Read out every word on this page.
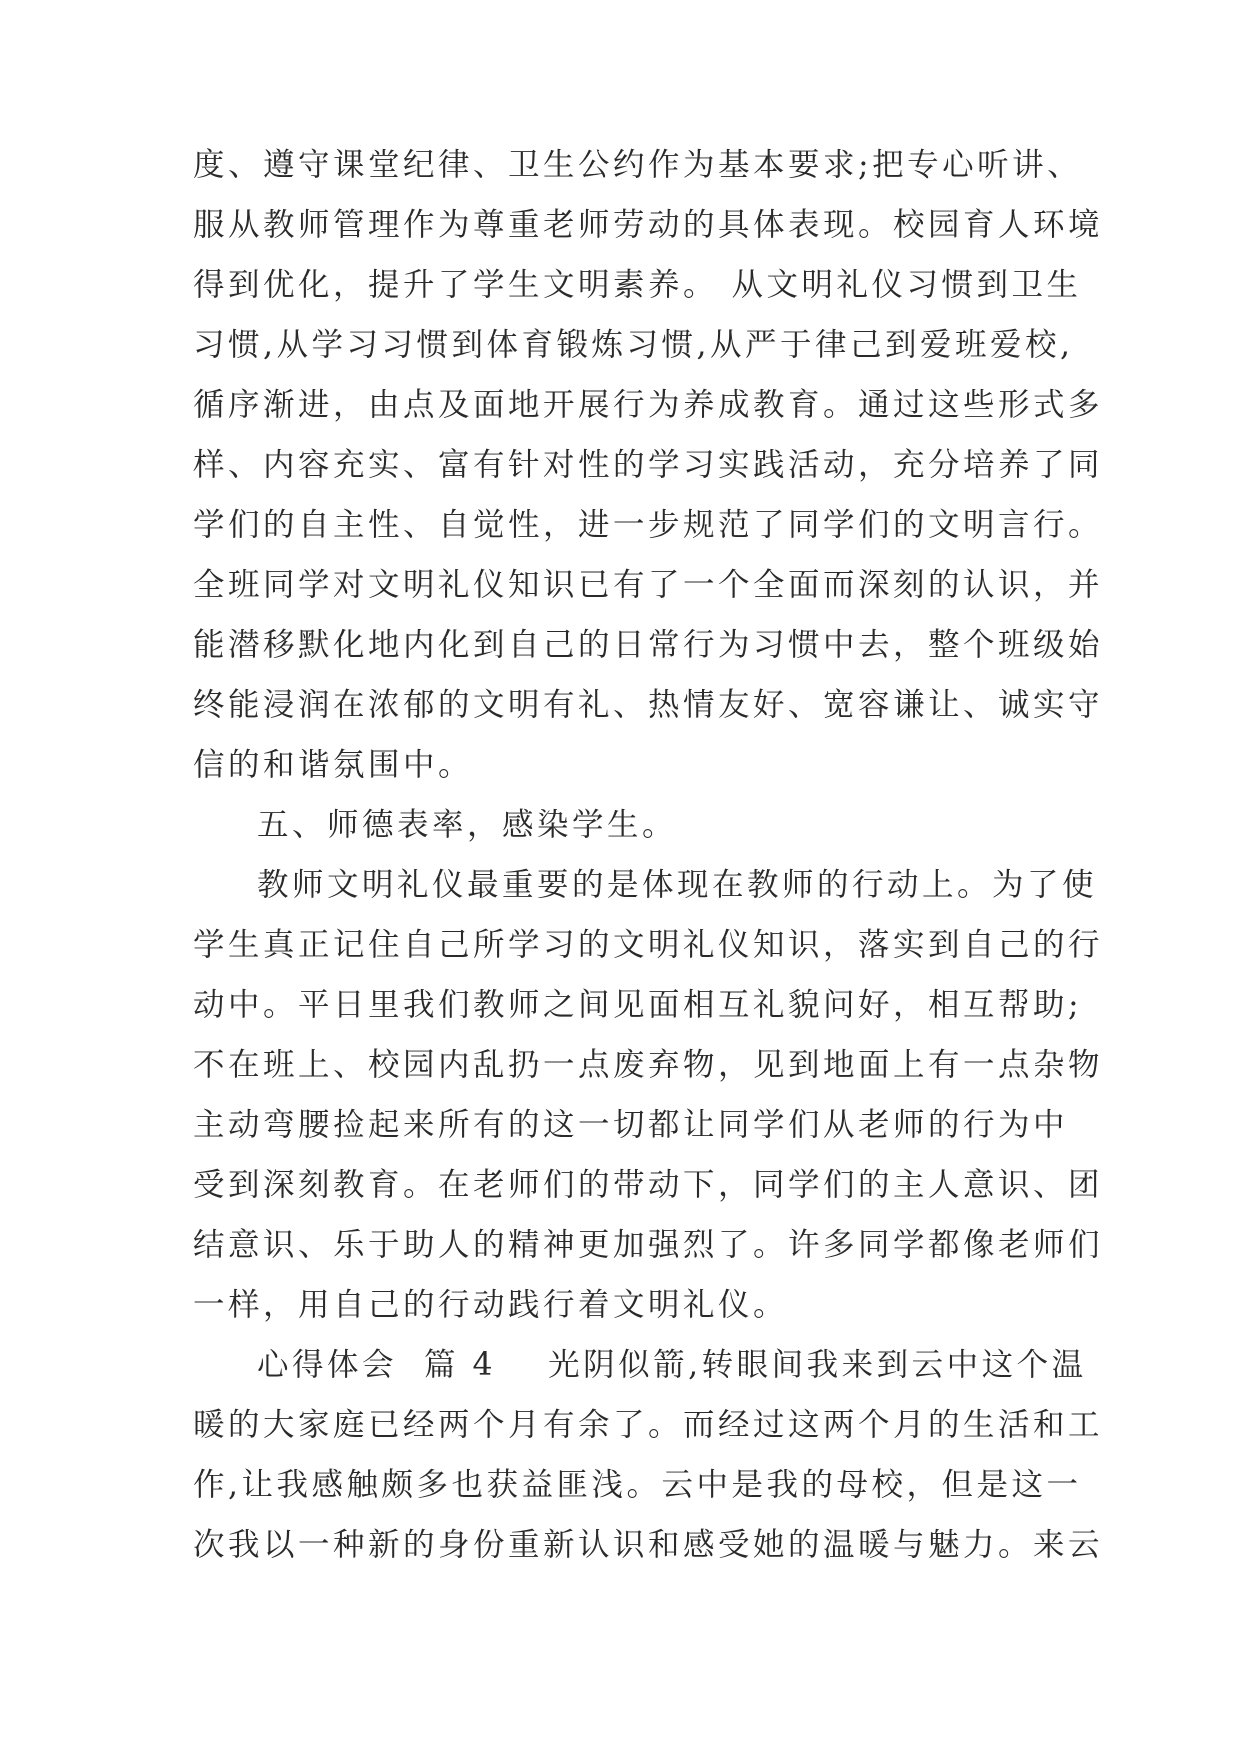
度、遵守课堂纪律、卫生公约作为基本要求;把专心听讲、
服从教师管理作为尊重老师劳动的具体表现。校园育人环境
得到优化，提升了学生文明素养。 从文明礼仪习惯到卫生
习惯,从学习习惯到体育锻炼习惯,从严于律己到爱班爱校,
循序渐进，由点及面地开展行为养成教育。通过这些形式多
样、内容充实、富有针对性的学习实践活动，充分培养了同
学们的自主性、自觉性，进一步规范了同学们的文明言行。
全班同学对文明礼仪知识已有了一个全面而深刻的认识，并
能潜移默化地内化到自己的日常行为习惯中去，整个班级始
终能浸润在浓郁的文明有礼、热情友好、宽容谦让、诚实守
信的和谐氛围中。
五、师德表率，感染学生。
教师文明礼仪最重要的是体现在教师的行动上。为了使
学生真正记住自己所学习的文明礼仪知识，落实到自己的行
动中。平日里我们教师之间见面相互礼貌问好，相互帮助;
不在班上、校园内乱扔一点废弃物，见到地面上有一点杂物
主动弯腰捡起来所有的这一切都让同学们从老师的行为中
受到深刻教育。在老师们的带动下，同学们的主人意识、团
结意识、乐于助人的精神更加强烈了。许多同学都像老师们
一样，用自己的行动践行着文明礼仪。
心得体会  篇 4 光阴似箭,转眼间我来到云中这个温
暖的大家庭已经两个月有余了。而经过这两个月的生活和工
作,让我感触颇多也获益匪浅。云中是我的母校，但是这一
次我以一种新的身份重新认识和感受她的温暖与魅力。来云
